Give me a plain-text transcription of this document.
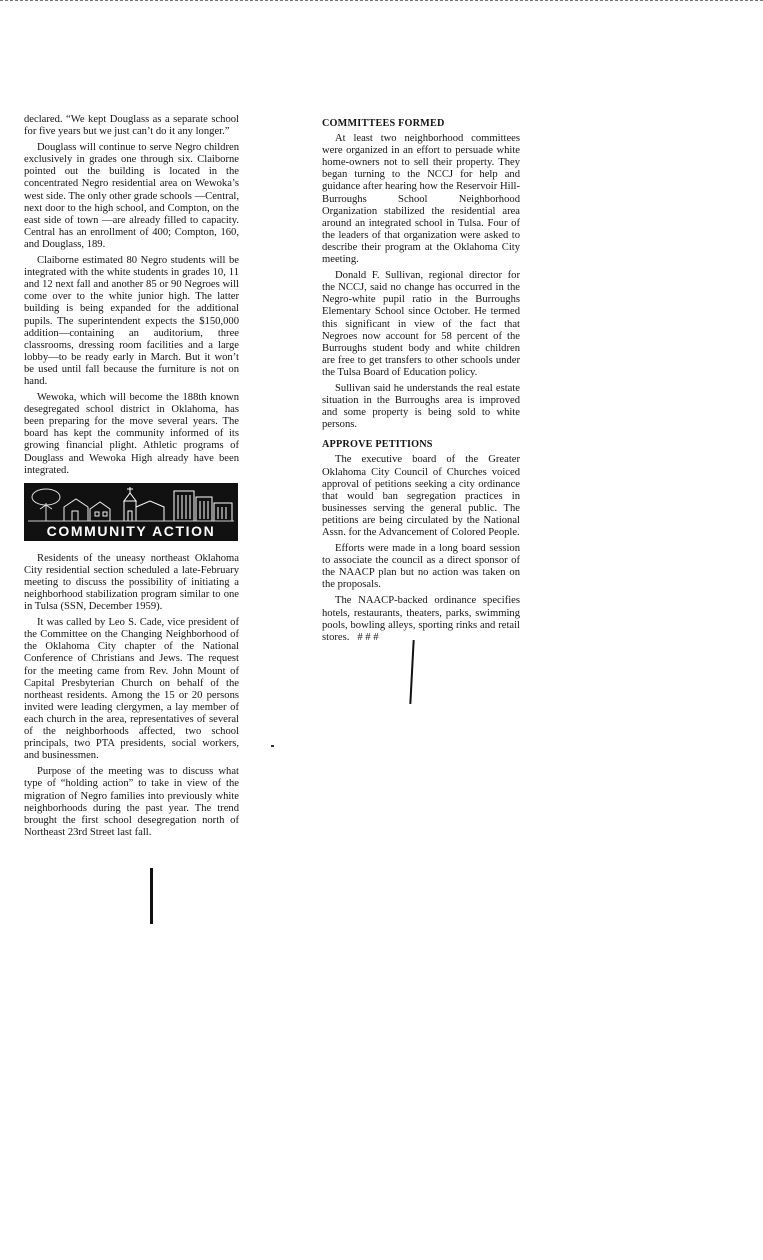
declared. “We kept Douglass as a separate school for five years but we just can’t do it any longer.”

Douglass will continue to serve Negro children exclusively in grades one through six. Claiborne pointed out the building is located in the concentrated Negro residential area on Wewoka’s west side. The only other grade schools —Central, next door to the high school, and Compton, on the east side of town —are already filled to capacity. Central has an enrollment of 400; Compton, 160, and Douglass, 189.

Claiborne estimated 80 Negro students will be integrated with the white students in grades 10, 11 and 12 next fall and another 85 or 90 Negroes will come over to the white junior high. The latter building is being expanded for the additional pupils. The superintendent expects the $150,000 addition—containing an auditorium, three classrooms, dressing room facilities and a large lobby—to be ready early in March. But it won’t be used until fall because the furniture is not on hand.

Wewoka, which will become the 188th known desegregated school district in Oklahoma, has been preparing for the move several years. The board has kept the community informed of its growing financial plight. Athletic programs of Douglass and Wewoka High already have been integrated.

COMMUNITY ACTION

Residents of the uneasy northeast Oklahoma City residential section scheduled a late-February meeting to discuss the possibility of initiating a neighborhood stabilization program similar to one in Tulsa (SSN, December 1959).

It was called by Leo S. Cade, vice president of the Committee on the Changing Neighborhood of the Oklahoma City chapter of the National Conference of Christians and Jews. The request for the meeting came from Rev. John Mount of Capital Presbyterian Church on behalf of the northeast residents. Among the 15 or 20 persons invited were leading clergymen, a lay member of each church in the area, representatives of several of the neighborhoods affected, two school principals, two PTA presidents, social workers, and businessmen.

Purpose of the meeting was to discuss what type of “holding action” to take in view of the migration of Negro families into previously white neighborhoods during the past year. The trend brought the first school desegregation north of Northeast 23rd Street last fall.

COMMITTEES FORMED

At least two neighborhood committees were organized in an effort to persuade white home-owners not to sell their property. They began turning to the NCCJ for help and guidance after hearing how the Reservoir Hill-Burroughs School Neighborhood Organization stabilized the residential area around an integrated school in Tulsa. Four of the leaders of that organization were asked to describe their program at the Oklahoma City meeting.

Donald F. Sullivan, regional director for the NCCJ, said no change has occurred in the Negro-white pupil ratio in the Burroughs Elementary School since October. He termed this significant in view of the fact that Negroes now account for 58 percent of the Burroughs student body and white children are free to get transfers to other schools under the Tulsa Board of Education policy.

Sullivan said he understands the real estate situation in the Burroughs area is improved and some property is being sold to white persons.

APPROVE PETITIONS

The executive board of the Greater Oklahoma City Council of Churches voiced approval of petitions seeking a city ordinance that would ban segregation practices in businesses serving the general public. The petitions are being circulated by the National Assn. for the Advancement of Colored People.

Efforts were made in a long board session to associate the council as a direct sponsor of the NAACP plan but no action was taken on the proposals.

The NAACP-backed ordinance specifies hotels, restaurants, theaters, parks, swimming pools, bowling alleys, sporting rinks and retail stores. # # #
